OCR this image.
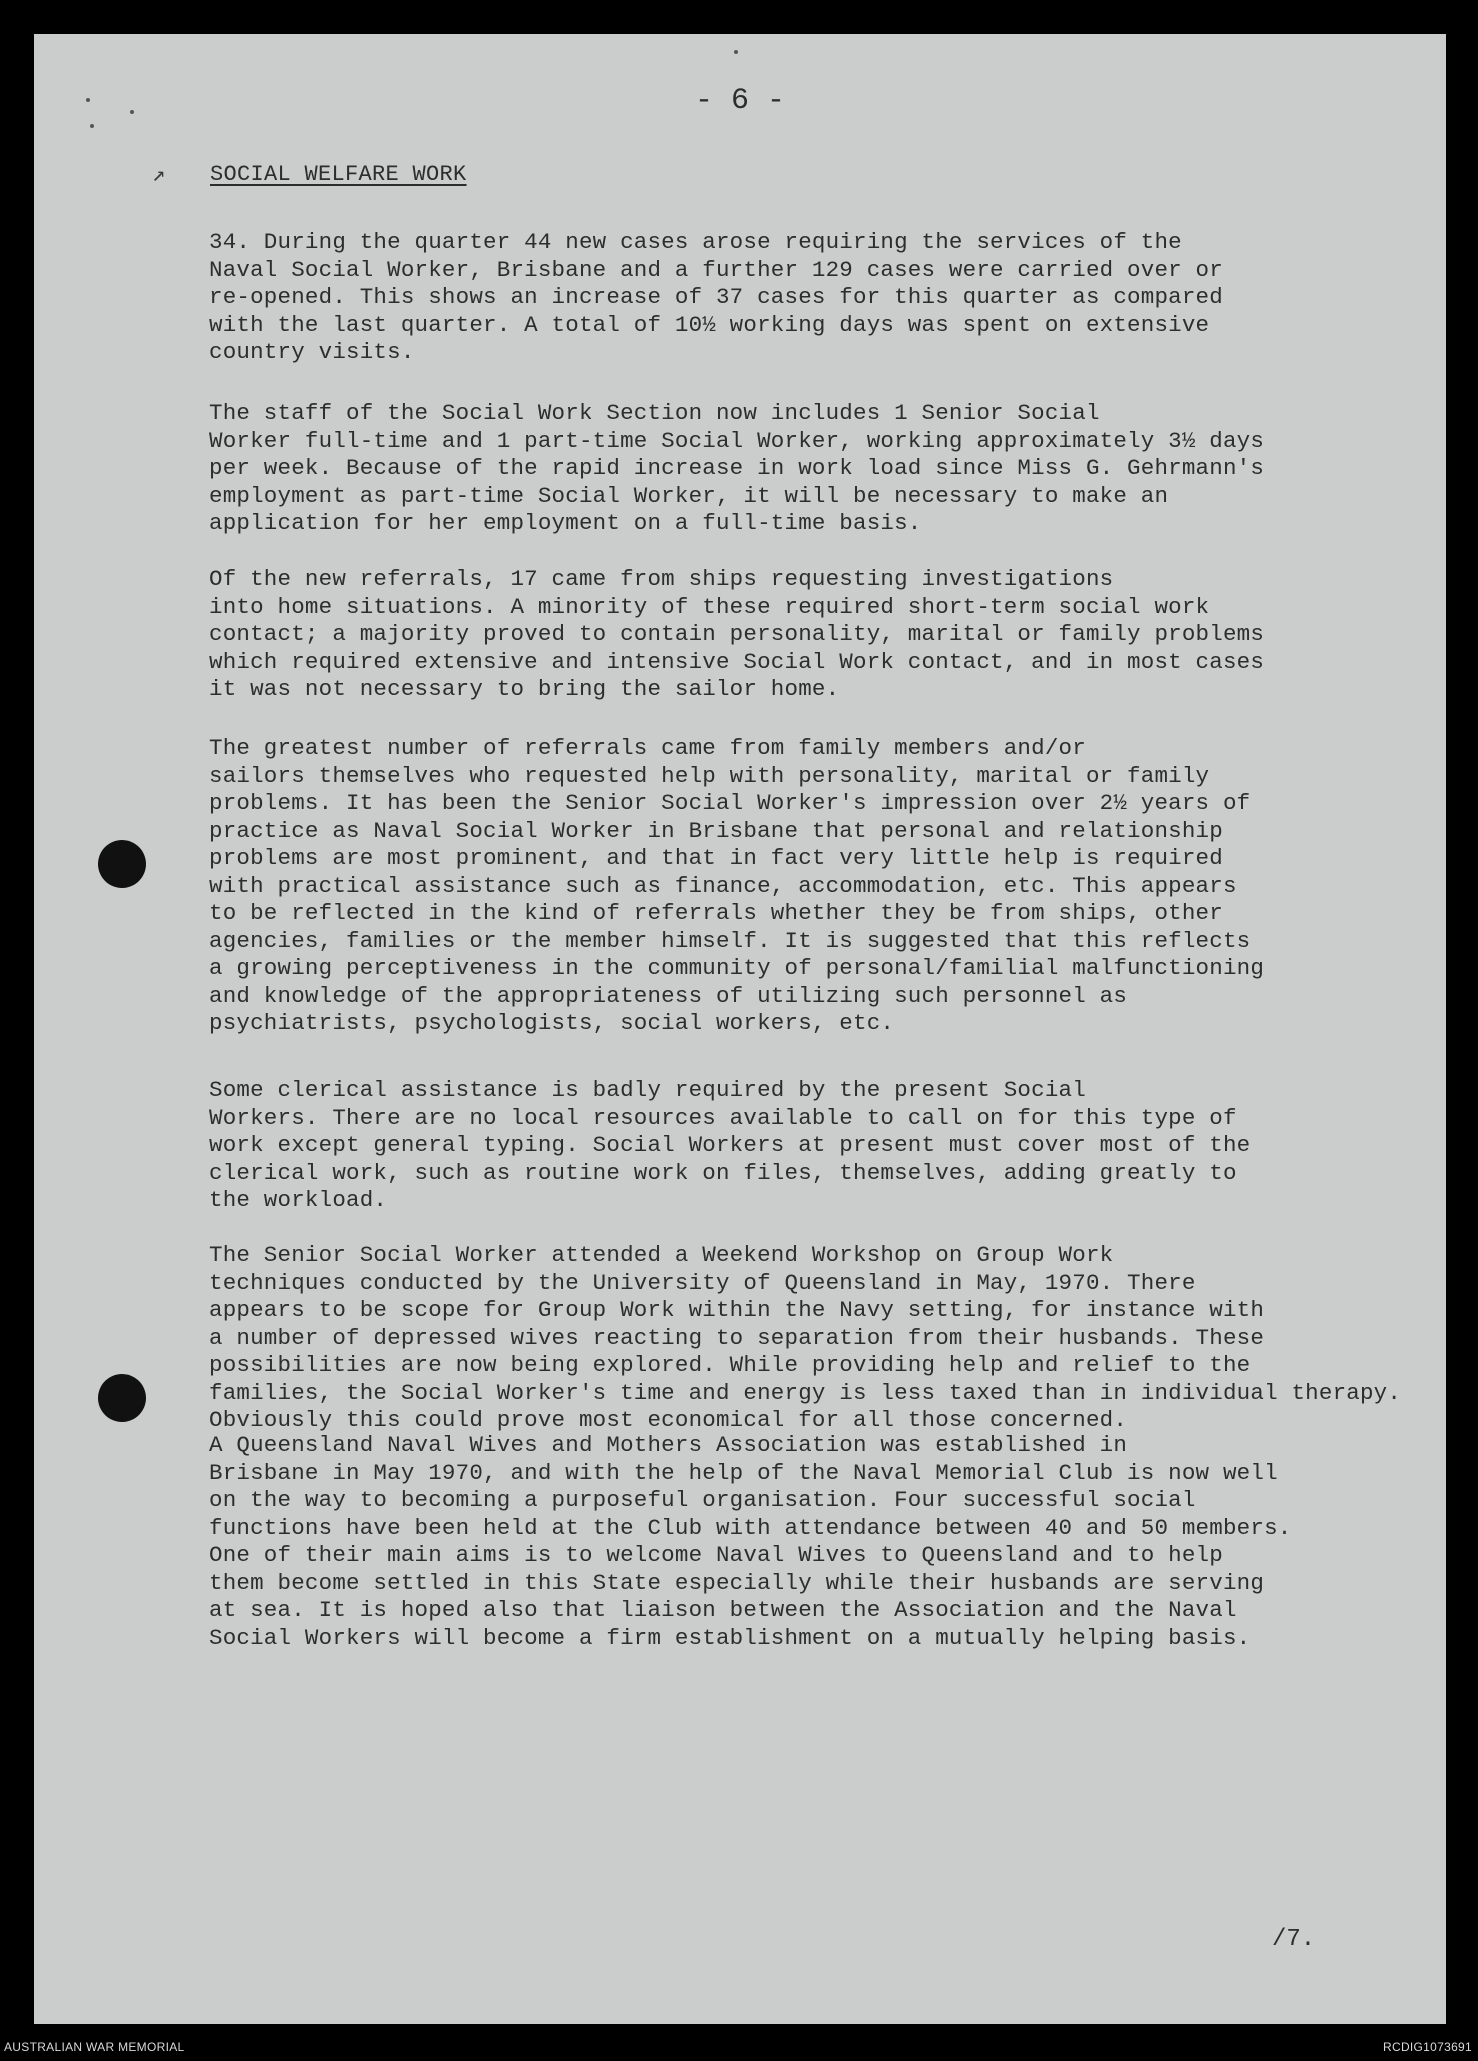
- 6 -
↗ SOCIAL WELFARE WORK

34. During the quarter 44 new cases arose requiring the services of the
Naval Social Worker, Brisbane and a further 129 cases were carried over or
re-opened. This shows an increase of 37 cases for this quarter as compared
with the last quarter. A total of 10½ working days was spent on extensive
country visits.

The staff of the Social Work Section now includes 1 Senior Social
Worker full-time and 1 part-time Social Worker, working approximately 3½ days
per week. Because of the rapid increase in work load since Miss G. Gehrmann's
employment as part-time Social Worker, it will be necessary to make an
application for her employment on a full-time basis.

Of the new referrals, 17 came from ships requesting investigations
into home situations. A minority of these required short-term social work
contact; a majority proved to contain personality, marital or family problems
which required extensive and intensive Social Work contact, and in most cases
it was not necessary to bring the sailor home.

The greatest number of referrals came from family members and/or
sailors themselves who requested help with personality, marital or family
problems. It has been the Senior Social Worker's impression over 2½ years of
practice as Naval Social Worker in Brisbane that personal and relationship
problems are most prominent, and that in fact very little help is required
with practical assistance such as finance, accommodation, etc. This appears
to be reflected in the kind of referrals whether they be from ships, other
agencies, families or the member himself. It is suggested that this reflects
a growing perceptiveness in the community of personal/familial malfunctioning
and knowledge of the appropriateness of utilizing such personnel as
psychiatrists, psychologists, social workers, etc.

Some clerical assistance is badly required by the present Social
Workers. There are no local resources available to call on for this type of
work except general typing. Social Workers at present must cover most of the
clerical work, such as routine work on files, themselves, adding greatly to
the workload.

The Senior Social Worker attended a Weekend Workshop on Group Work
techniques conducted by the University of Queensland in May, 1970. There
appears to be scope for Group Work within the Navy setting, for instance with
a number of depressed wives reacting to separation from their husbands. These
possibilities are now being explored. While providing help and relief to the
families, the Social Worker's time and energy is less taxed than in individual therapy.
Obviously this could prove most economical for all those concerned.

A Queensland Naval Wives and Mothers Association was established in
Brisbane in May 1970, and with the help of the Naval Memorial Club is now well
on the way to becoming a purposeful organisation. Four successful social
functions have been held at the Club with attendance between 40 and 50 members.
One of their main aims is to welcome Naval Wives to Queensland and to help
them become settled in this State especially while their husbands are serving
at sea. It is hoped also that liaison between the Association and the Naval
Social Workers will become a firm establishment on a mutually helping basis.

/7.
AUSTRALIAN WAR MEMORIAL	RCDIG1073691
